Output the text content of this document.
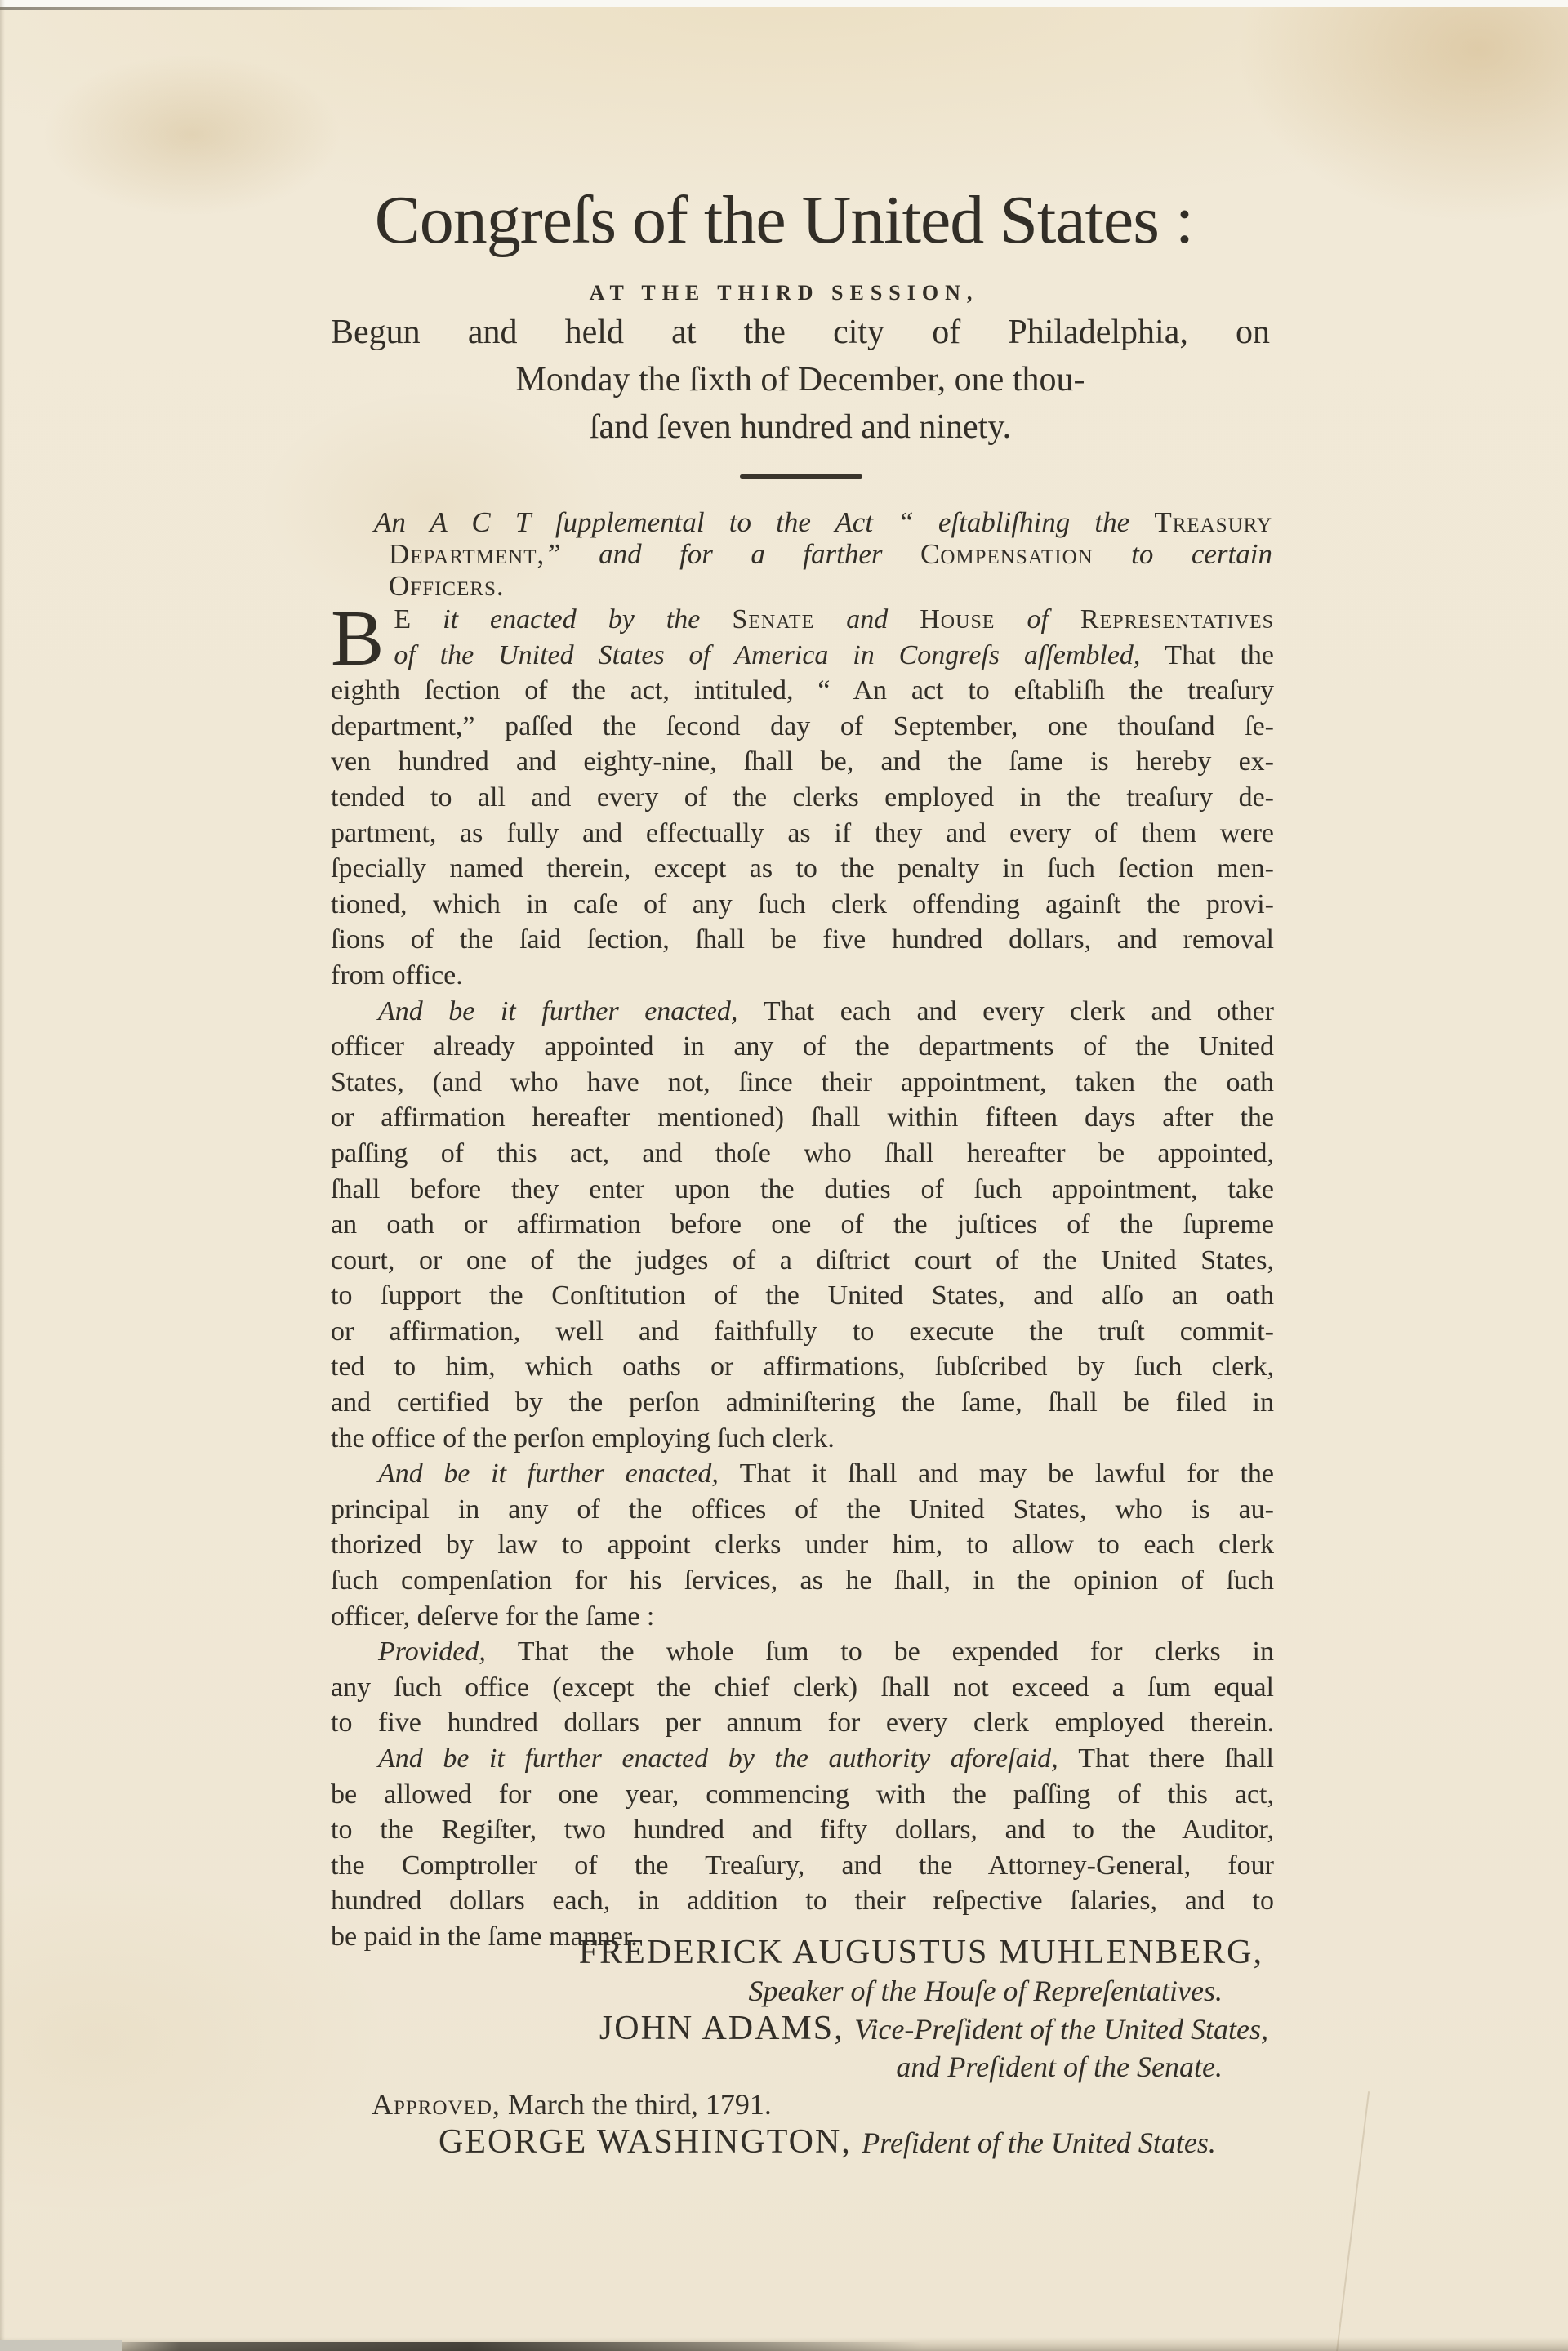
Congreſs of the United States :
AT THE THIRD SESSION,
Begun and held at the city of Philadelphia, on
Monday the ſixth of December, one thou-
ſand ſeven hundred and ninety.
An A C T ſupplemental to the Act “ eſtabliſhing the Treasury
Department,” and for a farther Compensation to certain
Officers.
B E it enacted by the Senate and House of Representatives
of the United States of America in Congreſs aſſembled, That the
eighth ſection of the act, intituled, “ An act to eſtabliſh the treaſury
department,” paſſed the ſecond day of September, one thouſand ſe-
ven hundred and eighty-nine, ſhall be, and the ſame is hereby ex-
tended to all and every of the clerks employed in the treaſury de-
partment, as fully and effectually as if they and every of them were
ſpecially named therein, except as to the penalty in ſuch ſection men-
tioned, which in caſe of any ſuch clerk offending againſt the provi-
ſions of the ſaid ſection, ſhall be five hundred dollars, and removal
from office.
And be it further enacted, That each and every clerk and other
officer already appointed in any of the departments of the United
States, (and who have not, ſince their appointment, taken the oath
or affirmation hereafter mentioned) ſhall within fifteen days after the
paſſing of this act, and thoſe who ſhall hereafter be appointed,
ſhall before they enter upon the duties of ſuch appointment, take
an oath or affirmation before one of the juſtices of the ſupreme
court, or one of the judges of a diſtrict court of the United States,
to ſupport the Conſtitution of the United States, and alſo an oath
or affirmation, well and faithfully to execute the truſt commit-
ted to him, which oaths or affirmations, ſubſcribed by ſuch clerk,
and certified by the perſon adminiſtering the ſame, ſhall be filed in
the office of the perſon employing ſuch clerk.
And be it further enacted, That it ſhall and may be lawful for the
principal in any of the offices of the United States, who is au-
thorized by law to appoint clerks under him, to allow to each clerk
ſuch compenſation for his ſervices, as he ſhall, in the opinion of ſuch
officer, deſerve for the ſame :
Provided, That the whole ſum to be expended for clerks in
any ſuch office (except the chief clerk) ſhall not exceed a ſum equal
to five hundred dollars per annum for every clerk employed therein.
And be it further enacted by the authority aforeſaid, That there ſhall
be allowed for one year, commencing with the paſſing of this act,
to the Regiſter, two hundred and fifty dollars, and to the Auditor,
the Comptroller of the Treaſury, and the Attorney-General, four
hundred dollars each, in addition to their reſpective ſalaries, and to
be paid in the ſame manner.
FREDERICK AUGUSTUS MUHLENBERG,
Speaker of the Houſe of Repreſentatives.
JOHN ADAMS, Vice-Preſident of the United States,
and Preſident of the Senate.
Approved, March the third, 1791.
GEORGE WASHINGTON, Preſident of the United States.
